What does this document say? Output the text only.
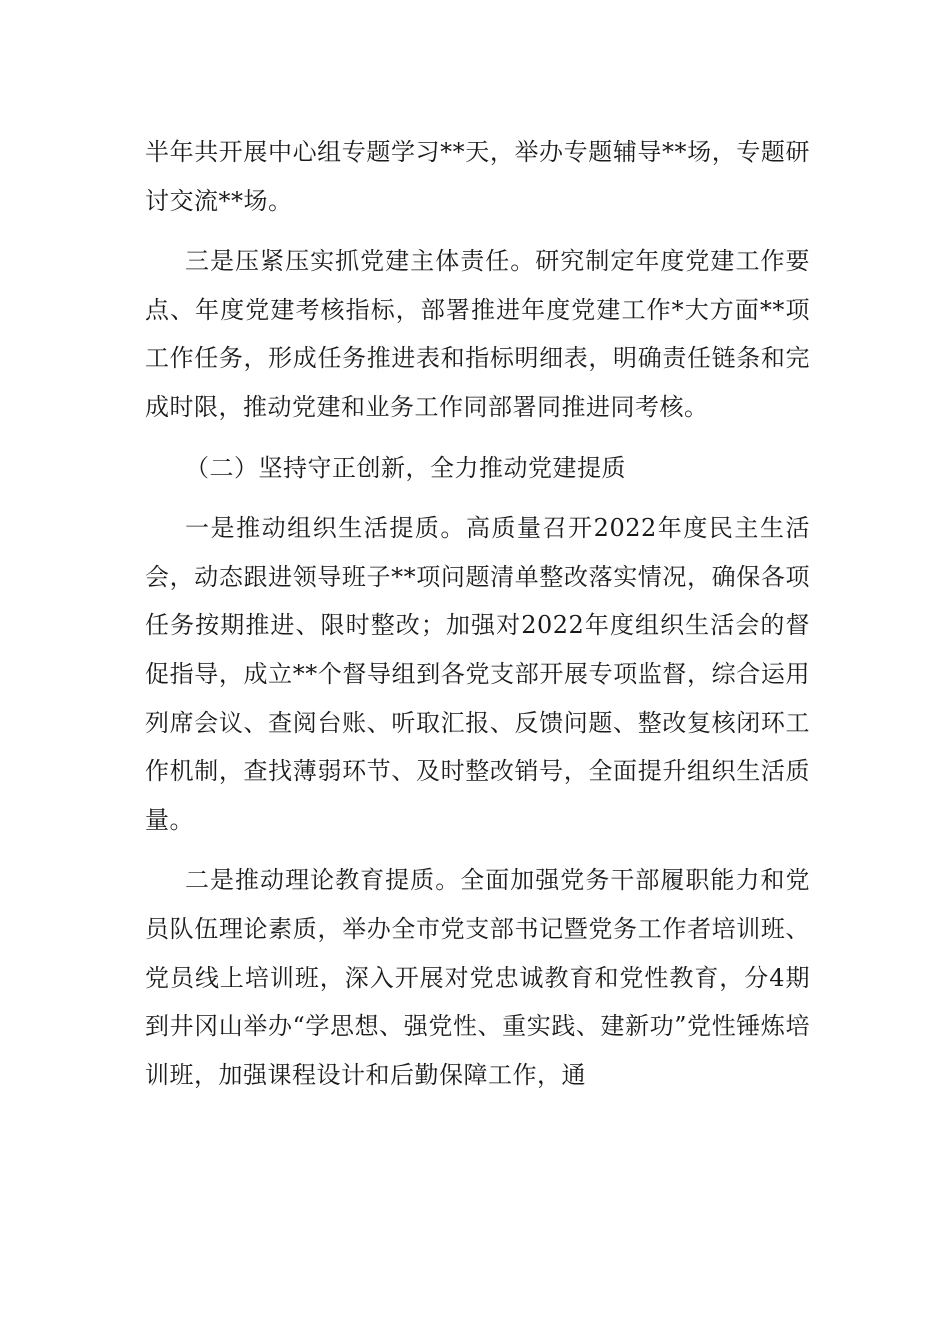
半年共开展中心组专题学习**天，举办专题辅导**场，专题研讨交流**场。

三是压紧压实抓党建主体责任。研究制定年度党建工作要点、年度党建考核指标，部署推进年度党建工作*大方面**项工作任务，形成任务推进表和指标明细表，明确责任链条和完成时限，推动党建和业务工作同部署同推进同考核。

（二）坚持守正创新，全力推动党建提质

一是推动组织生活提质。高质量召开2022年度民主生活会，动态跟进领导班子**项问题清单整改落实情况，确保各项任务按期推进、限时整改；加强对2022年度组织生活会的督促指导，成立**个督导组到各党支部开展专项监督，综合运用列席会议、查阅台账、听取汇报、反馈问题、整改复核闭环工作机制，查找薄弱环节、及时整改销号，全面提升组织生活质量。

二是推动理论教育提质。全面加强党务干部履职能力和党员队伍理论素质，举办全市党支部书记暨党务工作者培训班、党员线上培训班，深入开展对党忠诚教育和党性教育，分4期到井冈山举办“学思想、强党性、重实践、建新功”党性锤炼培训班，加强课程设计和后勤保障工作，通
